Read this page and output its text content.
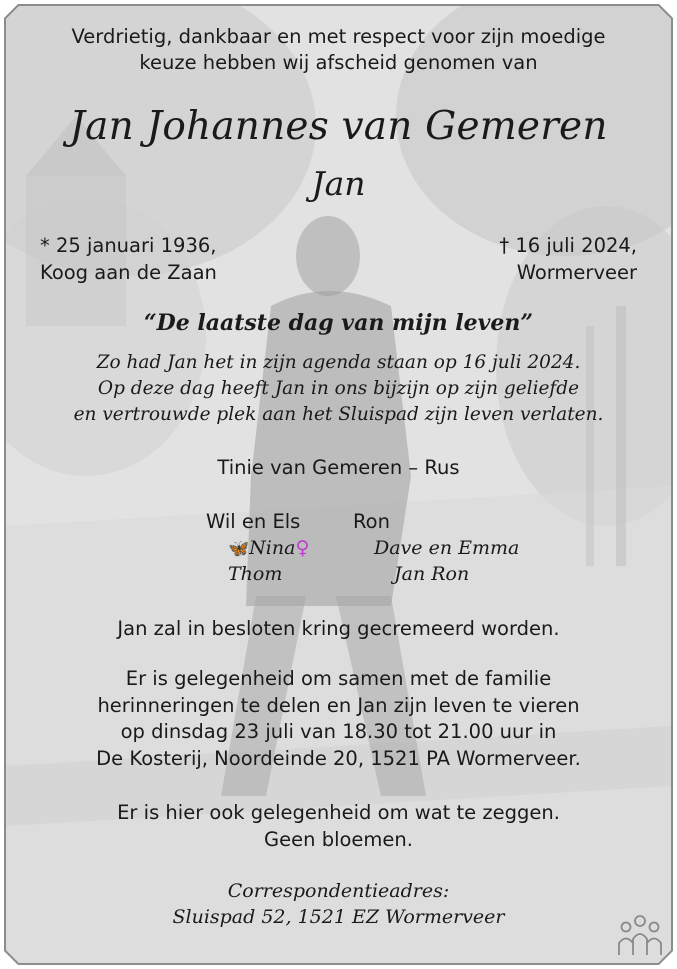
Verdrietig, dankbaar en met respect voor zijn moedige
keuze hebben wij afscheid genomen van
Jan Johannes van Gemeren
Jan
* 25 januari 1936,
Koog aan de Zaan
† 16 juli 2024,
Wormerveer
“De laatste dag van mijn leven”
Zo had Jan het in zijn agenda staan op 16 juli 2024.
Op deze dag heeft Jan in ons bijzijn op zijn geliefde
en vertrouwde plek aan het Sluispad zijn leven verlaten.
Tinie van Gemeren – Rus
Wil en Els	Ron
🦋Nina♀	Dave en Emma
Thom	Jan Ron
Jan zal in besloten kring gecremeerd worden.
Er is gelegenheid om samen met de familie
herinneringen te delen en Jan zijn leven te vieren
op dinsdag 23 juli van 18.30 tot 21.00 uur in
De Kosterij, Noordeinde 20, 1521 PA Wormerveer.
Er is hier ook gelegenheid om wat te zeggen.
Geen bloemen.
Correspondentieadres:
Sluispad 52, 1521 EZ Wormerveer
